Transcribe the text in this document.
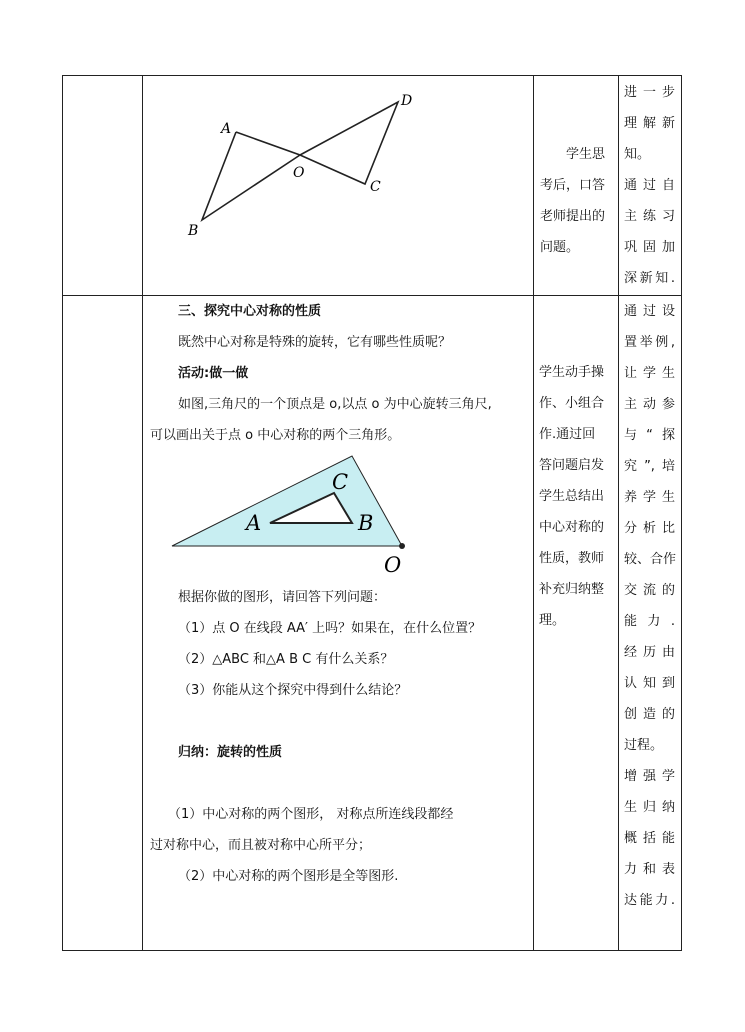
A
B
O
C
D
学生思
考后，口答
老师提出的
问题。
进一步
理解新
知。
通过自
主练习
巩固加
深新知.
三、探究中心对称的性质
既然中心对称是特殊的旋转，它有哪些性质呢？
活动:做一做
如图,三角尺的一个顶点是 o,以点 o 为中心旋转三角尺,
可以画出关于点 o 中心对称的两个三角形。
A	B
C
O
根据你做的图形，请回答下列问题：
（1）点 O 在线段 AA′ 上吗？如果在，在什么位置？
（2）△ABC 和△A B C 有什么关系？
（3）你能从这个探究中得到什么结论？
归纳：旋转的性质
（1）中心对称的两个图形， 对称点所连线段都经
过对称中心，而且被对称中心所平分；
（2）中心对称的两个图形是全等图形.
学生动手操
作、小组合
作.通过回
答问题启发
学生总结出
中心对称的
性质，教师
补充归纳整
理。
通过设
置举例,
让学生
主动参
与“探
究”,培
养学生
分析比
较、合作
交流的
能力.
经历由
认知到
创造的
过程。
增强学
生归纳
概括能
力和表
达能力.
